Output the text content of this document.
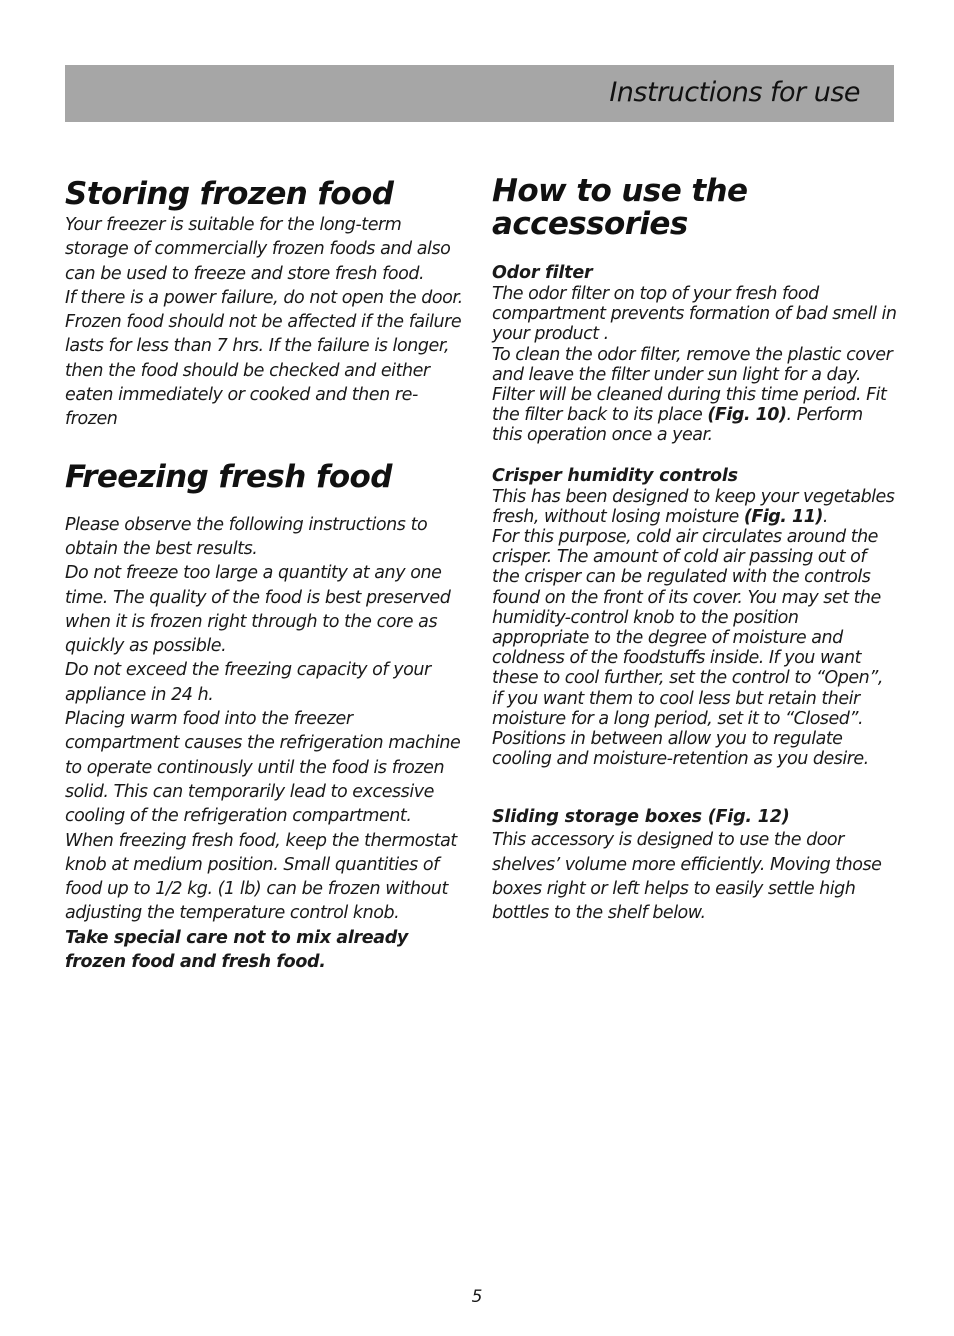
Instructions for use
Storing frozen food

Your freezer is suitable for the long-term storage of commercially frozen foods and also can be used to freeze and store fresh food.

If there is a power failure, do not open the door. Frozen food should not be affected if the failure lasts for less than 7 hrs. If the failure is longer, then the food should be checked and either eaten immediately or cooked and then re-frozen

Freezing fresh food

Please observe the following instructions to obtain the best results.

Do not freeze too large a quantity at any one time. The quality of the food is best preserved when it is frozen right through to the core as quickly as possible.

Do not exceed the freezing capacity of your appliance in 24 h.

Placing warm food into the freezer compartment causes the refrigeration machine to operate continously until the food is frozen solid. This can temporarily lead to excessive cooling of the refrigeration compartment.

When freezing fresh food, keep the thermostat knob at medium position. Small quantities of food up to 1/2 kg. (1 lb) can be frozen without adjusting the temperature control knob.

Take special care not to mix already frozen food and fresh food.

How to use the accessories
Odor filter

The odor filter on top of your fresh food compartment prevents formation of bad smell in your product .

To clean the odor filter, remove the plastic cover and leave the filter under sun light for a day. Filter will be cleaned during this time period. Fit the filter back to its place (Fig. 10). Perform this operation once a year.

Crisper humidity controls

This has been designed to keep your vegetables fresh, without losing moisture (Fig. 11).

For this purpose, cold air circulates around the crisper. The amount of cold air passing out of the crisper can be regulated with the controls found on the front of its cover. You may set the humidity-control knob to the position appropriate to the degree of moisture and coldness of the foodstuffs inside. If you want these to cool further, set the control to “Open”, if you want them to cool less but retain their moisture for a long period, set it to “Closed”. Positions in between allow you to regulate cooling and moisture-retention as you desire.

Sliding storage boxes (Fig. 12)

This accessory is designed to use the door shelves’ volume more efficiently. Moving those boxes right or left helps to easily settle high bottles to the shelf below.

5
